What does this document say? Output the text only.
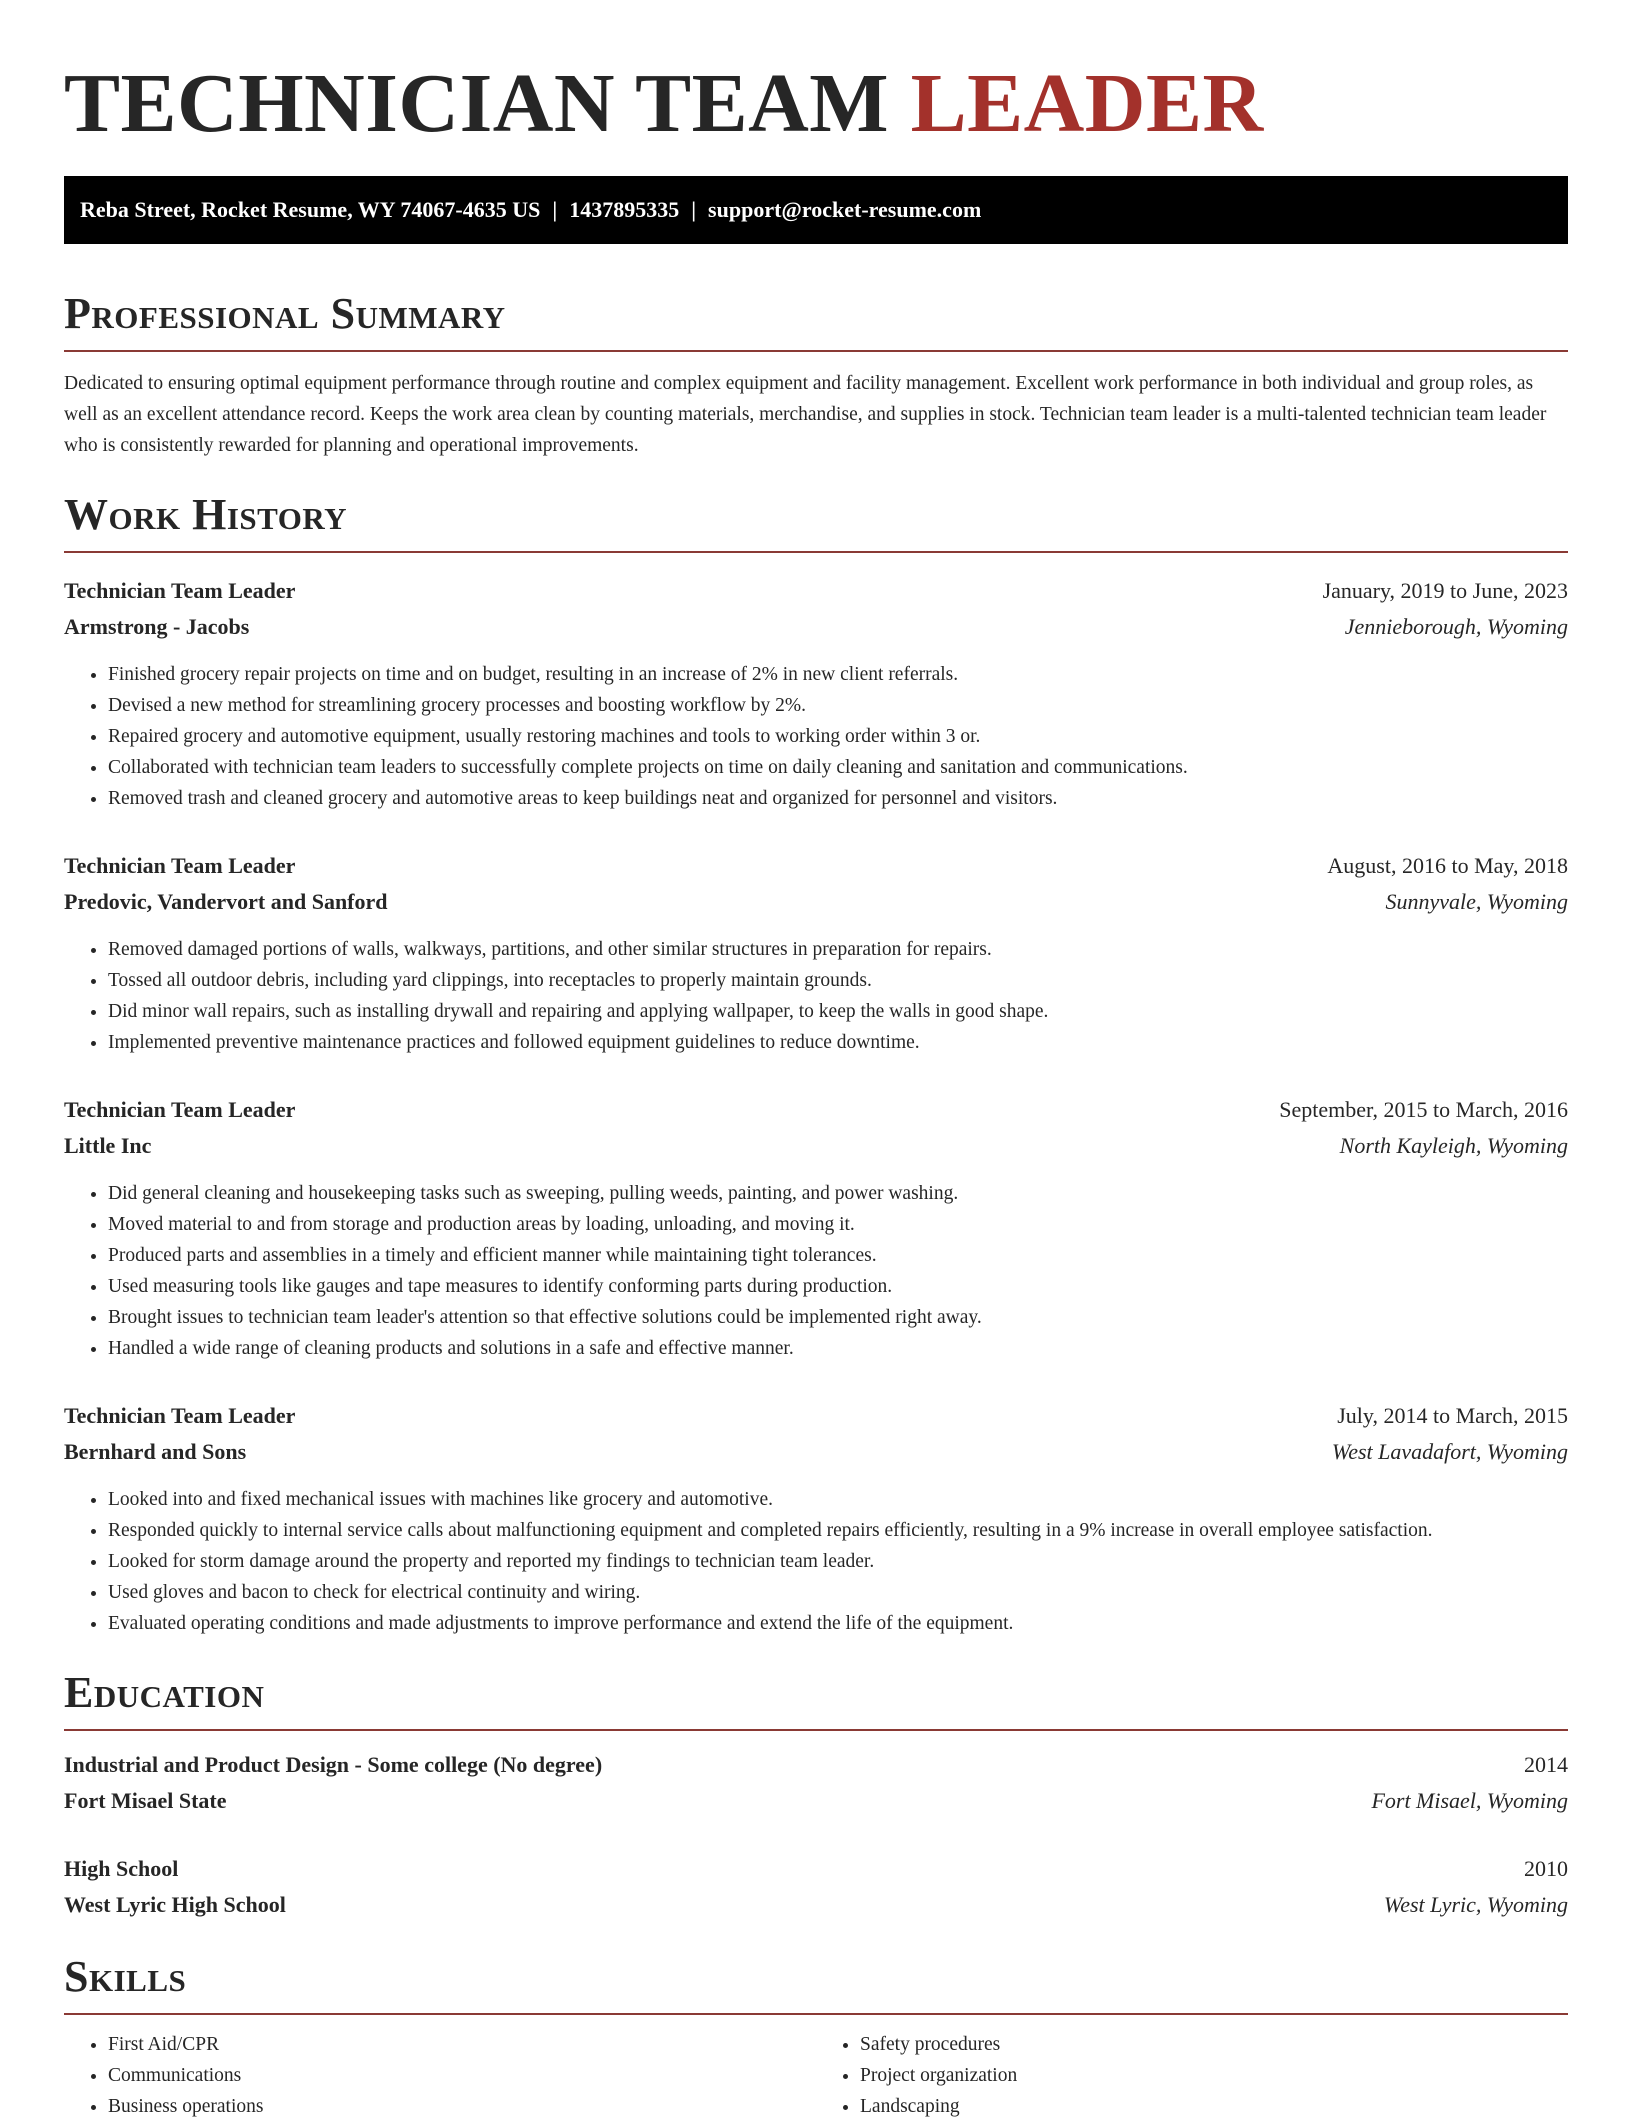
TECHNICIAN TEAM LEADER
Reba Street, Rocket Resume, WY 74067-4635 US | 1437895335 | support@rocket-resume.com
Professional Summary

Dedicated to ensuring optimal equipment performance through routine and complex equipment and facility management. Excellent work performance in both individual and group roles, as well as an excellent attendance record. Keeps the work area clean by counting materials, merchandise, and supplies in stock. Technician team leader is a multi-talented technician team leader who is consistently rewarded for planning and operational improvements.

Work History
Technician Team Leader	January, 2019 to June, 2023
Armstrong - Jacobs	Jennieborough, Wyoming
• Finished grocery repair projects on time and on budget, resulting in an increase of 2% in new client referrals.
• Devised a new method for streamlining grocery processes and boosting workflow by 2%.
• Repaired grocery and automotive equipment, usually restoring machines and tools to working order within 3 or.
• Collaborated with technician team leaders to successfully complete projects on time on daily cleaning and sanitation and communications.
• Removed trash and cleaned grocery and automotive areas to keep buildings neat and organized for personnel and visitors.
Technician Team Leader	August, 2016 to May, 2018
Predovic, Vandervort and Sanford	Sunnyvale, Wyoming
• Removed damaged portions of walls, walkways, partitions, and other similar structures in preparation for repairs.
• Tossed all outdoor debris, including yard clippings, into receptacles to properly maintain grounds.
• Did minor wall repairs, such as installing drywall and repairing and applying wallpaper, to keep the walls in good shape.
• Implemented preventive maintenance practices and followed equipment guidelines to reduce downtime.
Technician Team Leader	September, 2015 to March, 2016
Little Inc	North Kayleigh, Wyoming
• Did general cleaning and housekeeping tasks such as sweeping, pulling weeds, painting, and power washing.
• Moved material to and from storage and production areas by loading, unloading, and moving it.
• Produced parts and assemblies in a timely and efficient manner while maintaining tight tolerances.
• Used measuring tools like gauges and tape measures to identify conforming parts during production.
• Brought issues to technician team leader's attention so that effective solutions could be implemented right away.
• Handled a wide range of cleaning products and solutions in a safe and effective manner.
Technician Team Leader	July, 2014 to March, 2015
Bernhard and Sons	West Lavadafort, Wyoming
• Looked into and fixed mechanical issues with machines like grocery and automotive.
• Responded quickly to internal service calls about malfunctioning equipment and completed repairs efficiently, resulting in a 9% increase in overall employee satisfaction.
• Looked for storm damage around the property and reported my findings to technician team leader.
• Used gloves and bacon to check for electrical continuity and wiring.
• Evaluated operating conditions and made adjustments to improve performance and extend the life of the equipment.
Education
Industrial and Product Design - Some college (No degree)	2014
Fort Misael State	Fort Misael, Wyoming
High School	2010
West Lyric High School	West Lyric, Wyoming
Skills
• First Aid/CPR
• Communications
• Business operations
• Safety procedures
• Project organization
• Landscaping
